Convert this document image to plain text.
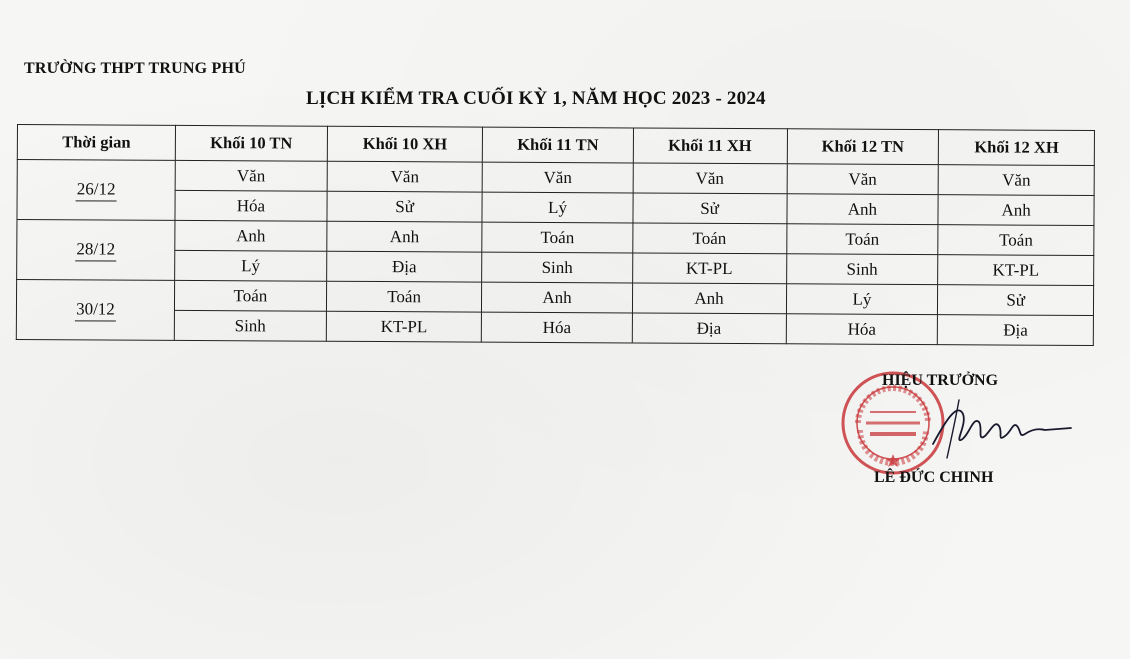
TRƯỜNG THPT TRUNG PHÚ
LỊCH KIỂM TRA CUỐI KỲ 1, NĂM HỌC 2023 - 2024
Thời gian	Khối 10 TN	Khối 10 XH	Khối 11 TN	Khối 11 XH	Khối 12 TN	Khối 12 XH
26/12	Văn	Văn	Văn	Văn	Văn	Văn
	Hóa	Sử	Lý	Sử	Anh	Anh
28/12	Anh	Anh	Toán	Toán	Toán	Toán
	Lý	Địa	Sinh	KT-PL	Sinh	KT-PL
30/12	Toán	Toán	Anh	Anh	Lý	Sử
	Sinh	KT-PL	Hóa	Địa	Hóa	Địa
HIỆU TRƯỞNG
LÊ ĐỨC CHINH
